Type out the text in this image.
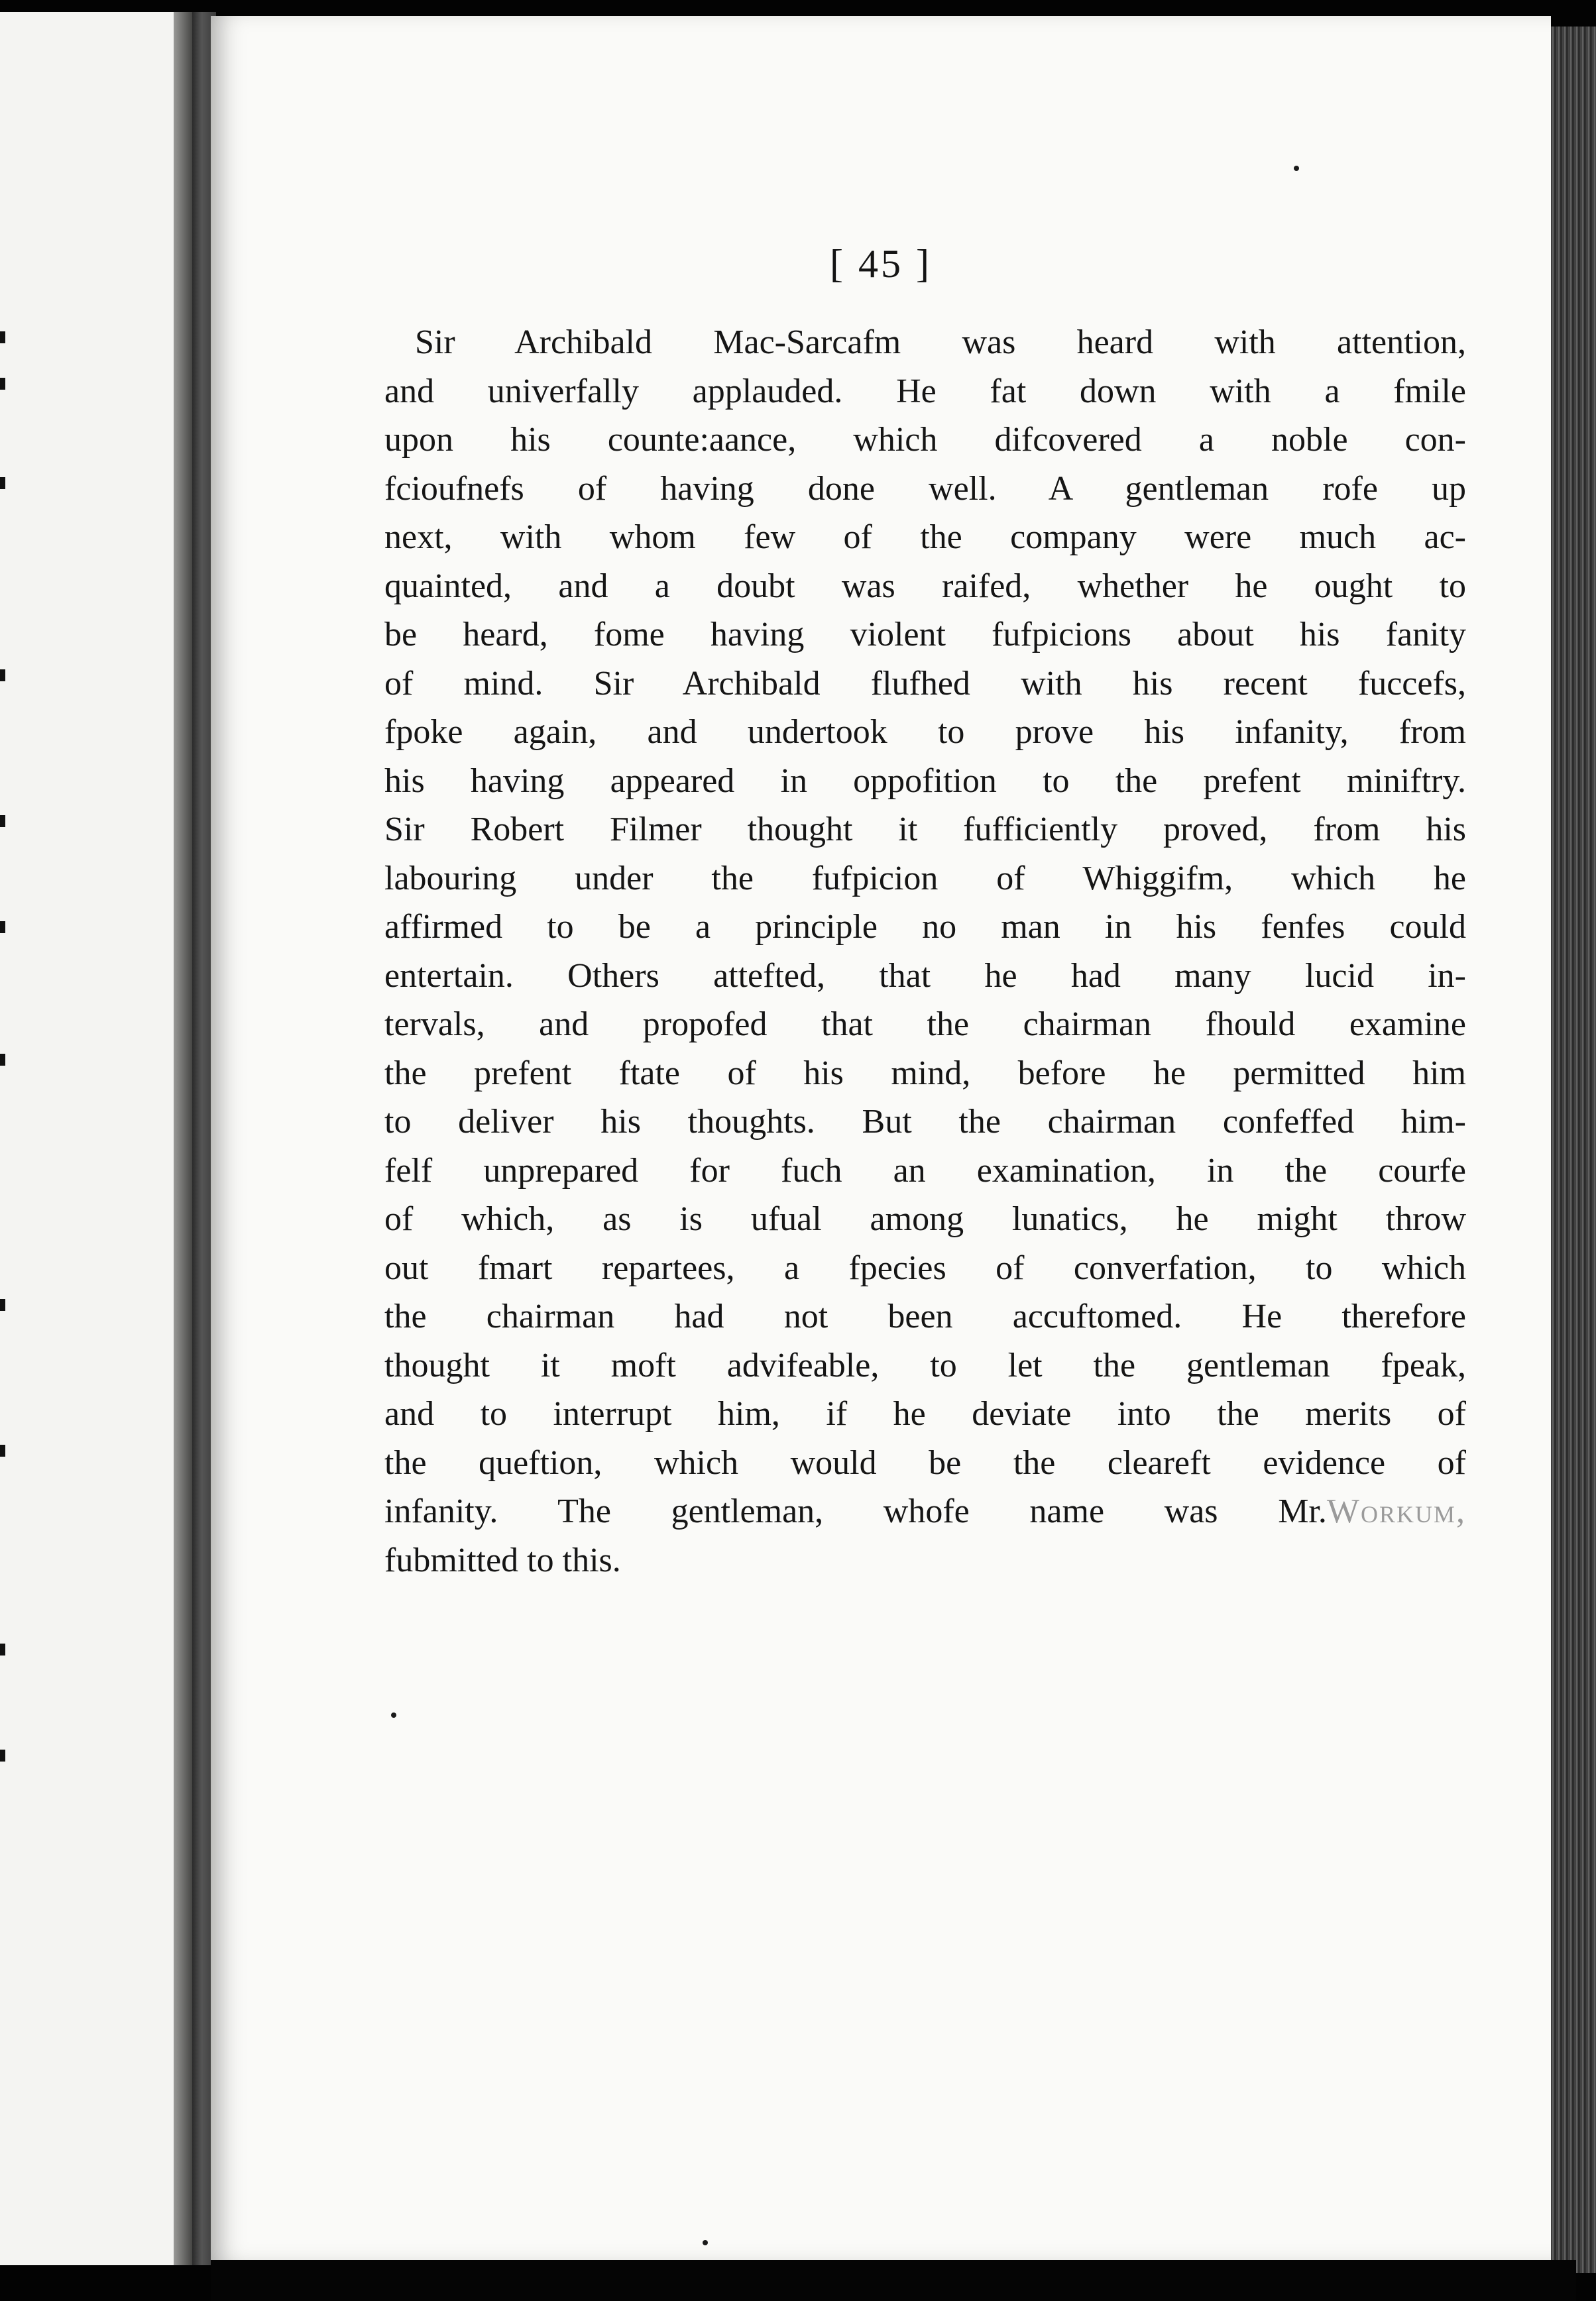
[ 45 ]
Sir Archibald Mac-Sarcafm was heard with attention,
and univerfally applauded. He fat down with a fmile
upon his counte:aance, which difcovered a noble con-
fcioufnefs of having done well. A gentleman rofe up
next, with whom few of the company were much ac-
quainted, and a doubt was raifed, whether he ought to
be heard, fome having violent fufpicions about his fanity
of mind. Sir Archibald flufhed with his recent fuccefs,
fpoke again, and undertook to prove his infanity, from
his having appeared in oppofition to the prefent miniftry.
Sir Robert Filmer thought it fufficiently proved, from his
labouring under the fufpicion of Whiggifm, which he
affirmed to be a principle no man in his fenfes could
entertain. Others attefted, that he had many lucid in-
tervals, and propofed that the chairman fhould examine
the prefent ftate of his mind, before he permitted him
to deliver his thoughts. But the chairman confeffed him-
felf unprepared for fuch an examination, in the courfe
of which, as is ufual among lunatics, he might throw
out fmart repartees, a fpecies of converfation, to which
the chairman had not been accuftomed. He therefore
thought it moft advifeable, to let the gentleman fpeak,
and to interrupt him, if he deviate into the merits of
the queftion, which would be the cleareft evidence of
infanity. The gentleman, whofe name was Mr.Workum,
fubmitted to this.
